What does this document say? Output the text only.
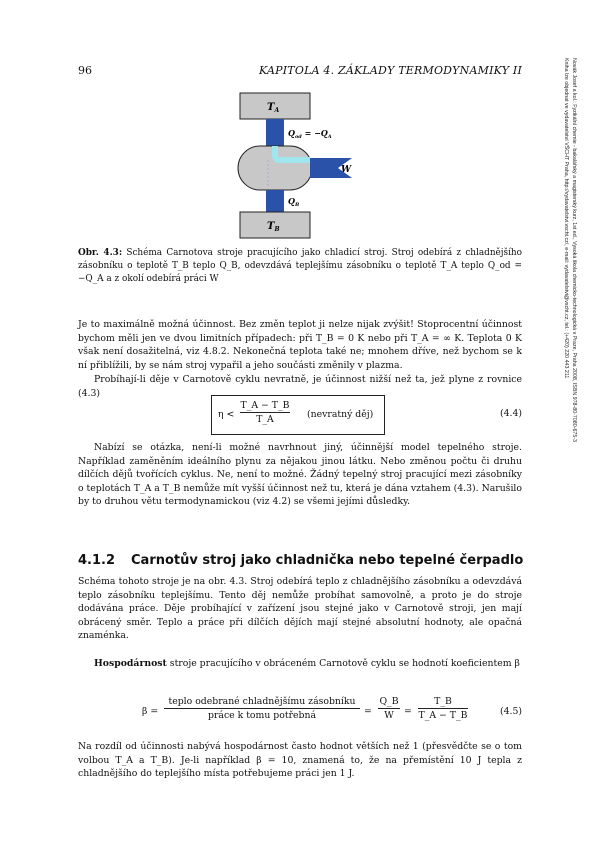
96	KAPITOLA 4. ZÁKLADY TERMODYNAMIKY II	Novák Josef a kol.: Fyzikální chemie - bakalářský a magisterský kurz, 1st ed., Vysoká škola chemicko-technologická v Praze, Praha 2008, ISBN 978-80-7080-675-3
Kniha lze objednat ve vydavatelství VŠCHT Praha, http://vydavatelstvi.vscht.cz/, e-mail: vydavatelstvi@vscht.cz, tel.: (+420) 220 443 211
$T_A$
$T_B$
$Q_{od} = -Q_A$
W
$Q_B$
Obr. 4.3: Schéma Carnotova stroje pracujícího jako chladicí stroj. Stroj odebírá z chladnějšího zásobníku o teplotě T_B teplo Q_B, odevzdává teplejšímu zásobníku o teplotě T_A teplo Q_od = −Q_A a z okolí odebírá práci W
Je to maximálně možná účinnost. Bez změn teplot ji nelze nijak zvýšit! Stoprocentní účinnost bychom měli jen ve dvou limitních případech: při T_B = 0 K nebo při T_A = ∞ K. Teplota 0 K však není dosažitelná, viz 4.8.2. Nekonečná teplota také ne; mnohem dříve, než bychom se k ní přiblížili, by se nám stroj vypařil a jeho součásti změnily v plazma.
Probíhají-li děje v Carnotově cyklu nevratně, je účinnost nižší než ta, jež plyne z rovnice (4.3)
η <
T_A − T_B
T_A	(nevratný děj)	(4.4)
Nabízí se otázka, není-li možné navrhnout jiný, účinnější model tepelného stroje. Například zaměněním ideálního plynu za nějakou jinou látku. Nebo změnou počtu či druhu dílčích dějů tvořících cyklus. Ne, není to možné. Žádný tepelný stroj pracující mezi zásobníky o teplotách T_A a T_B nemůže mít vyšší účinnost než tu, která je dána vztahem (4.3). Narušilo by to druhou větu termodynamickou (viz 4.2) se všemi jejími důsledky.
4.1.2 Carnotův stroj jako chladnička nebo tepelné čerpadlo
Schéma tohoto stroje je na obr. 4.3. Stroj odebírá teplo z chladnějšího zásobníku a odevzdává teplo zásobníku teplejšímu. Tento děj nemůže probíhat samovolně, a proto je do stroje dodávána práce. Děje probíhající v zařízení jsou stejné jako v Carnotově stroji, jen mají obrácený směr. Teplo a práce při dílčích dějích mají stejné absolutní hodnoty, ale opačná znaménka.
Hospodárnost stroje pracujícího v obráceném Carnotově cyklu se hodnotí koeficientem β
β =
teplo odebrané chladnějšímu zásobníku
práce k tomu potřebná	=
Q_B
W	=
T_B
T_A − T_B	(4.5)
Na rozdíl od účinnosti nabývá hospodárnost často hodnot větších než 1 (přesvědčte se o tom volbou T_A a T_B). Je-li například β = 10, znamená to, že na přemístění 10 J tepla z chladnějšího do teplejšího místa potřebujeme práci jen 1 J.
